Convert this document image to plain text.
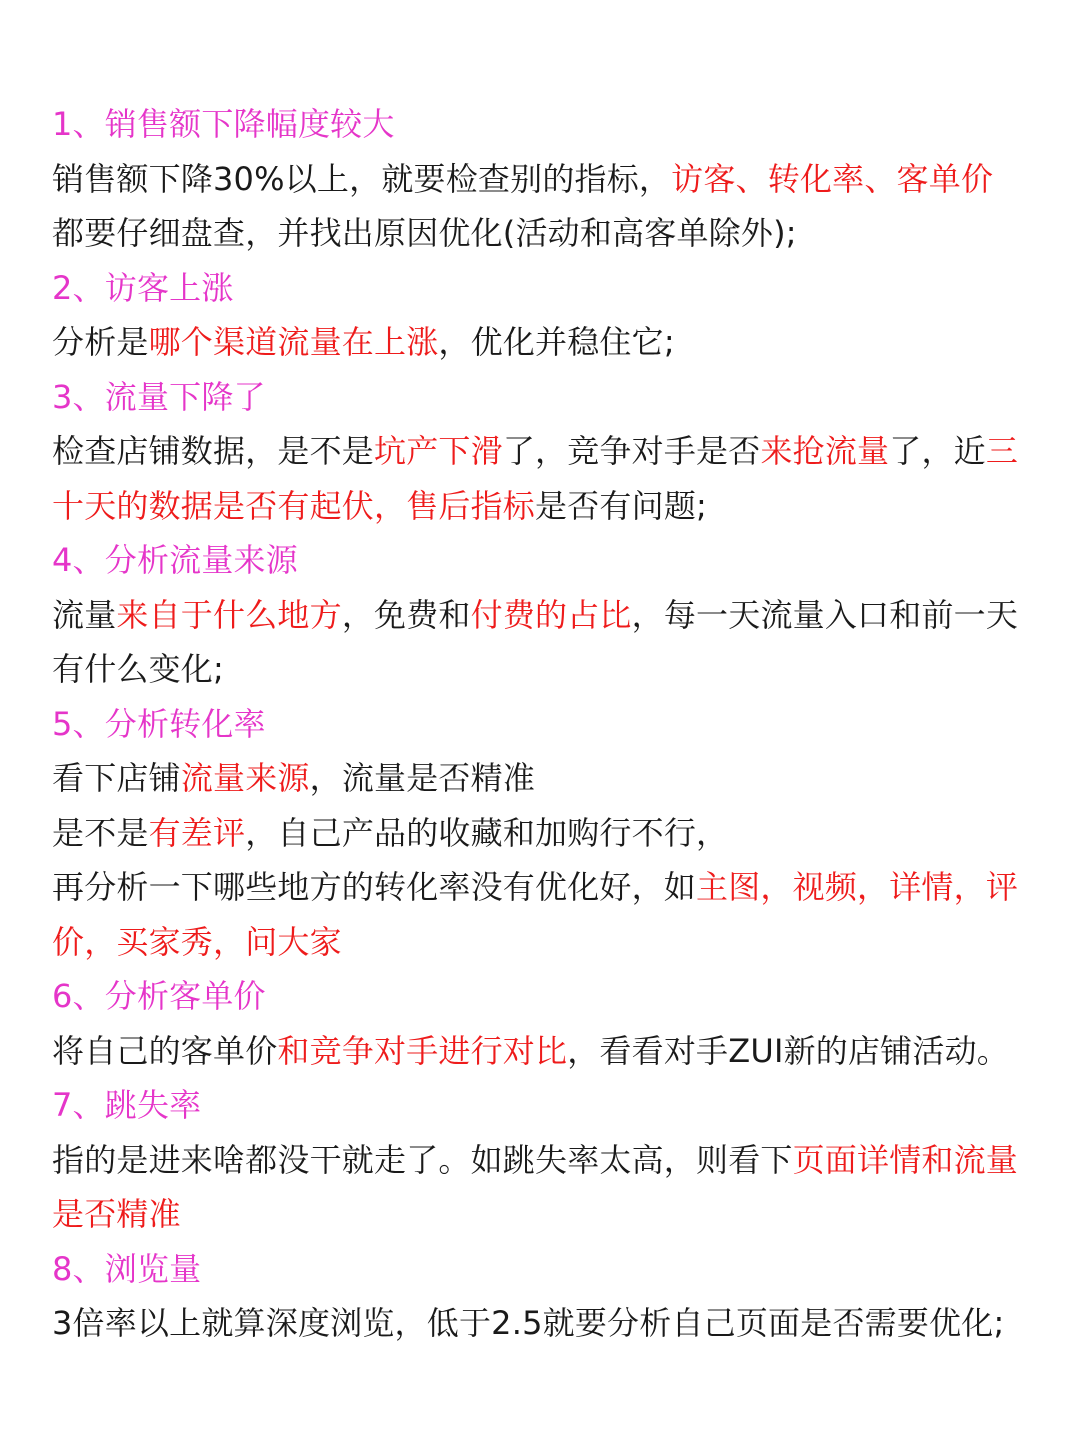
1、销售额下降幅度较大
销售额下降30%以上，就要检查别的指标，访客、转化率、客单价
都要仔细盘查，并找出原因优化(活动和高客单除外);
2、访客上涨
分析是哪个渠道流量在上涨，优化并稳住它;
3、流量下降了
检查店铺数据，是不是坑产下滑了，竞争对手是否来抢流量了，近三
十天的数据是否有起伏，售后指标是否有问题;
4、分析流量来源
流量来自于什么地方，免费和付费的占比，每一天流量入口和前一天
有什么变化;
5、分析转化率
看下店铺流量来源，流量是否精准
是不是有差评，自己产品的收藏和加购行不行，
再分析一下哪些地方的转化率没有优化好，如主图，视频，详情，评
价，买家秀，问大家
6、分析客单价
将自己的客单价和竞争对手进行对比，看看对手ZUI新的店铺活动。
7、跳失率
指的是进来啥都没干就走了。如跳失率太高，则看下页面详情和流量
是否精准
8、浏览量
3倍率以上就算深度浏览，低于2.5就要分析自己页面是否需要优化;
